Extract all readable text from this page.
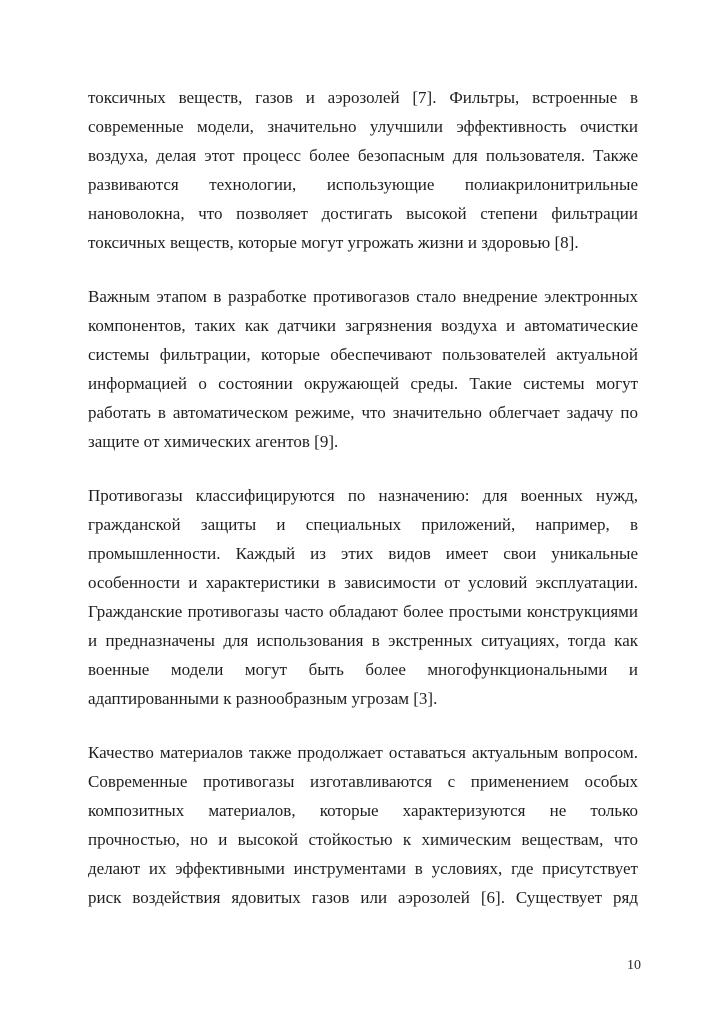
токсичных веществ, газов и аэрозолей [7]. Фильтры, встроенные в
современные модели, значительно улучшили эффективность очистки
воздуха, делая этот процесс более безопасным для пользователя. Также
развиваются технологии, использующие полиакрилонитрильные
нановолокна, что позволяет достигать высокой степени фильтрации
токсичных веществ, которые могут угрожать жизни и здоровью [8].

Важным этапом в разработке противогазов стало внедрение электронных
компонентов, таких как датчики загрязнения воздуха и автоматические
системы фильтрации, которые обеспечивают пользователей актуальной
информацией о состоянии окружающей среды. Такие системы могут
работать в автоматическом режиме, что значительно облегчает задачу по
защите от химических агентов [9].

Противогазы классифицируются по назначению: для военных нужд,
гражданской защиты и специальных приложений, например, в
промышленности. Каждый из этих видов имеет свои уникальные
особенности и характеристики в зависимости от условий эксплуатации.
Гражданские противогазы часто обладают более простыми конструкциями
и предназначены для использования в экстренных ситуациях, тогда как
военные модели могут быть более многофункциональными и
адаптированными к разнообразным угрозам [3].

Качество материалов также продолжает оставаться актуальным вопросом.
Современные противогазы изготавливаются с применением особых
композитных материалов, которые характеризуются не только
прочностью, но и высокой стойкостью к химическим веществам, что
делают их эффективными инструментами в условиях, где присутствует
риск воздействия ядовитых газов или аэрозолей [6]. Существует ряд

10
